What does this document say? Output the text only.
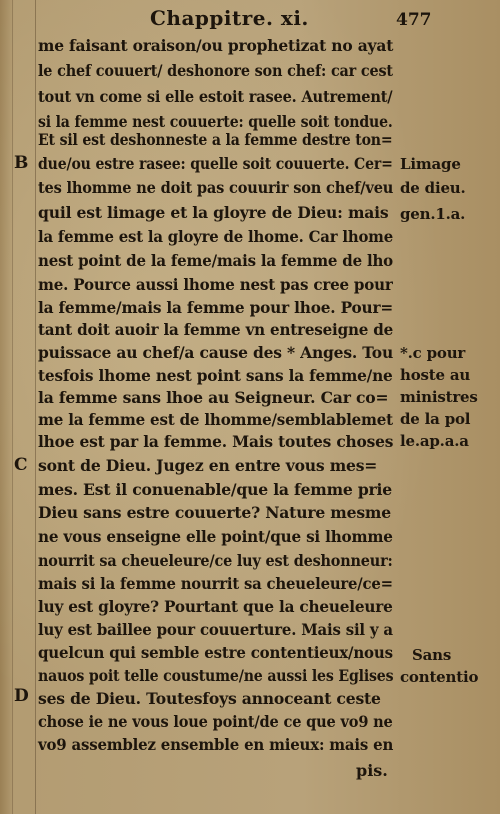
Chappitre. xi.	477
me faisant oraison/ou prophetizat no ayat
le chef couuert/ deshonore son chef: car cest
tout vn come si elle estoit rasee. Autrement/
si la femme nest couuerte: quelle soit tondue.
Et sil est deshonneste a la femme destre ton=
due/ou estre rasee: quelle soit couuerte. Cer=
tes lhomme ne doit pas couurir son chef/veu
quil est limage et la gloyre de Dieu: mais
la femme est la gloyre de lhome. Car lhome
nest point de la feme/mais la femme de lho
me. Pource aussi lhome nest pas cree pour
la femme/mais la femme pour lhoe. Pour=
tant doit auoir la femme vn entreseigne de
puissace au chef/a cause des * Anges. Tou
tesfois lhome nest point sans la femme/ne
la femme sans lhoe au Seigneur. Car co=
me la femme est de lhomme/semblablemet
lhoe est par la femme. Mais toutes choses
sont de Dieu. Jugez en entre vous mes=
mes. Est il conuenable/que la femme prie
Dieu sans estre couuerte? Nature mesme
ne vous enseigne elle point/que si lhomme
nourrit sa cheueleure/ce luy est deshonneur:
mais si la femme nourrit sa cheueleure/ce=
luy est gloyre? Pourtant que la cheueleure
luy est baillee pour couuerture. Mais sil y a
quelcun qui semble estre contentieux/nous
nauos poit telle coustume/ne aussi les Eglises
ses de Dieu. Toutesfoys annoceant ceste
chose ie ne vous loue point/de ce que vo9 ne
vo9 assemblez ensemble en mieux: mais en
Limage
de dieu.
gen.1.a.
*.c pour
hoste au
ministres
de la pol
le.ap.a.a
Sans
contentio
B
C
D
pis.
